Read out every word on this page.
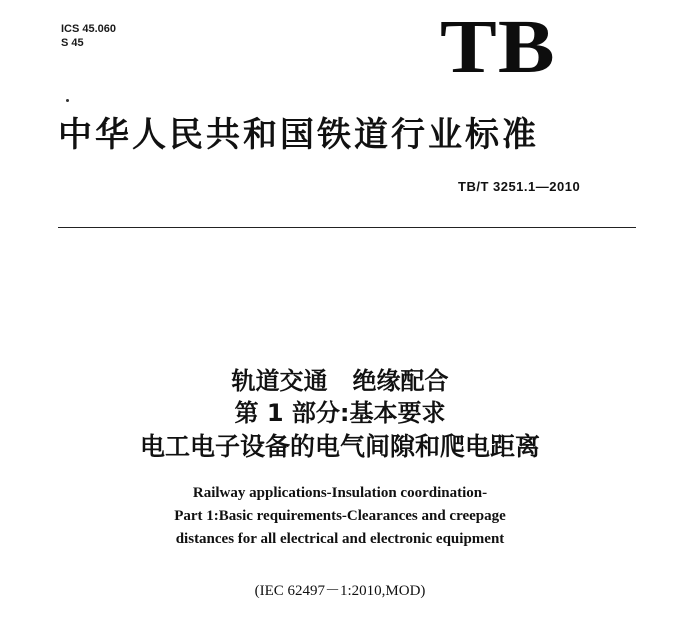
ICS 45.060
S 45	TB
中华人民共和国铁道行业标准
TB/T 3251.1—2010
轨道交通   绝缘配合
第 1 部分:基本要求
电工电子设备的电气间隙和爬电距离
Railway applications-Insulation coordination-
Part 1:Basic requirements-Clearances and creepage
distances for all electrical and electronic equipment
(IEC 62497－1:2010,MOD)
